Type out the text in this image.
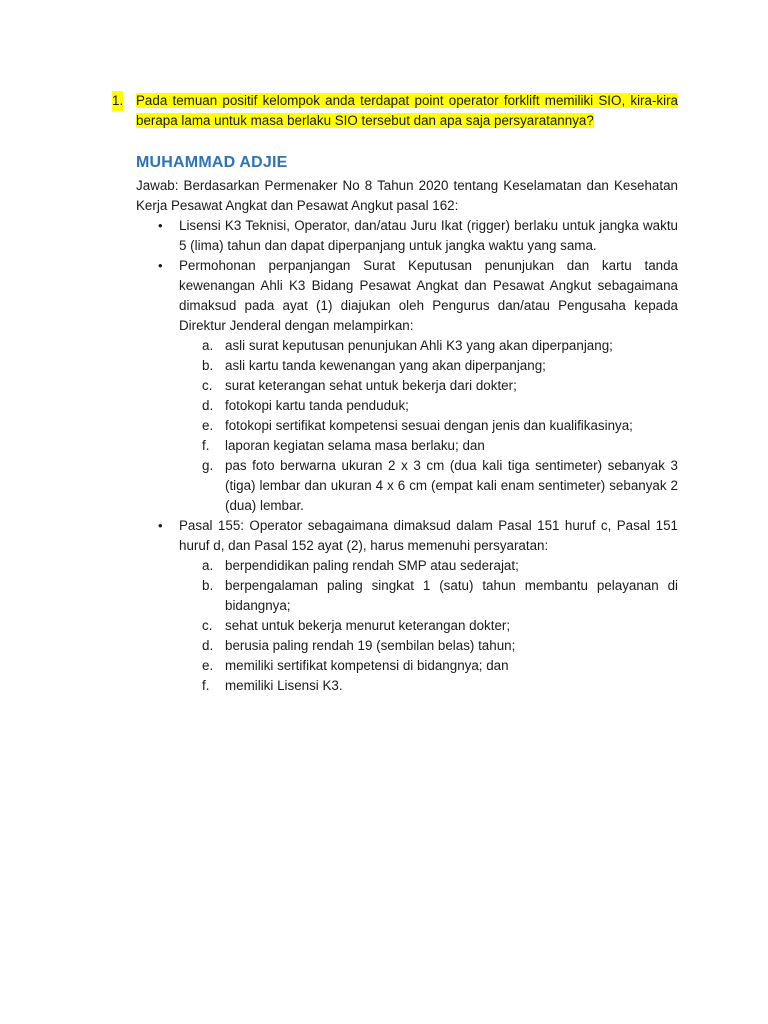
1. Pada temuan positif kelompok anda terdapat point operator forklift memiliki SIO, kira-kira berapa lama untuk masa berlaku SIO tersebut dan apa saja persyaratannya?
MUHAMMAD ADJIE
Jawab: Berdasarkan Permenaker No 8 Tahun 2020 tentang Keselamatan dan Kesehatan Kerja Pesawat Angkat dan Pesawat Angkut pasal 162:
• Lisensi K3 Teknisi, Operator, dan/atau Juru Ikat (rigger) berlaku untuk jangka waktu 5 (lima) tahun dan dapat diperpanjang untuk jangka waktu yang sama.
• Permohonan perpanjangan Surat Keputusan penunjukan dan kartu tanda kewenangan Ahli K3 Bidang Pesawat Angkat dan Pesawat Angkut sebagaimana dimaksud pada ayat (1) diajukan oleh Pengurus dan/atau Pengusaha kepada Direktur Jenderal dengan melampirkan:
a. asli surat keputusan penunjukan Ahli K3 yang akan diperpanjang;
b. asli kartu tanda kewenangan yang akan diperpanjang;
c. surat keterangan sehat untuk bekerja dari dokter;
d. fotokopi kartu tanda penduduk;
e. fotokopi sertifikat kompetensi sesuai dengan jenis dan kualifikasinya;
f. laporan kegiatan selama masa berlaku; dan
g. pas foto berwarna ukuran 2 x 3 cm (dua kali tiga sentimeter) sebanyak 3 (tiga) lembar dan ukuran 4 x 6 cm (empat kali enam sentimeter) sebanyak 2 (dua) lembar.
• Pasal 155: Operator sebagaimana dimaksud dalam Pasal 151 huruf c, Pasal 151 huruf d, dan Pasal 152 ayat (2), harus memenuhi persyaratan:
a. berpendidikan paling rendah SMP atau sederajat;
b. berpengalaman paling singkat 1 (satu) tahun membantu pelayanan di bidangnya;
c. sehat untuk bekerja menurut keterangan dokter;
d. berusia paling rendah 19 (sembilan belas) tahun;
e. memiliki sertifikat kompetensi di bidangnya; dan
f. memiliki Lisensi K3.
